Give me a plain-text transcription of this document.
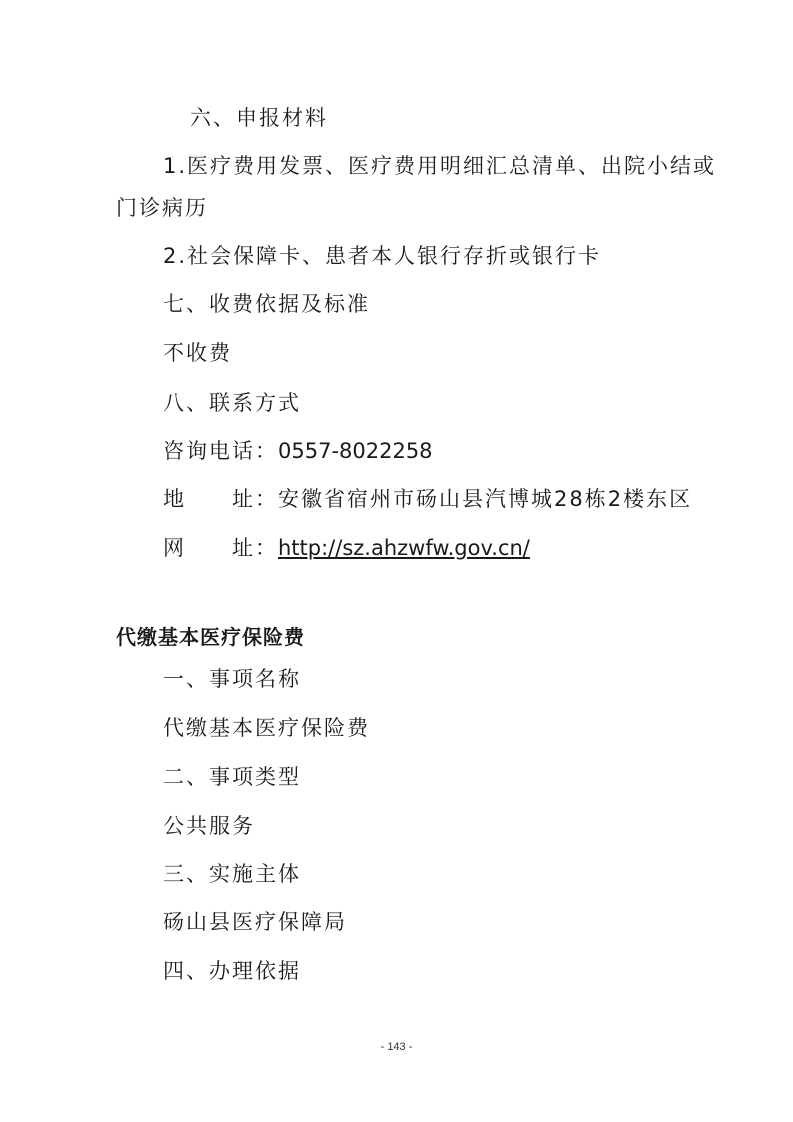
六、申报材料
1.医疗费用发票、医疗费用明细汇总清单、出院小结或
门诊病历
2.社会保障卡、患者本人银行存折或银行卡
七、收费依据及标准
不收费
八、联系方式
咨询电话：0557-8022258
地 址：安徽省宿州市砀山县汽博城28栋2楼东区
网 址：http://sz.ahzwfw.gov.cn/
代缴基本医疗保险费
一、事项名称
代缴基本医疗保险费
二、事项类型
公共服务
三、实施主体
砀山县医疗保障局
四、办理依据
- 143 -
